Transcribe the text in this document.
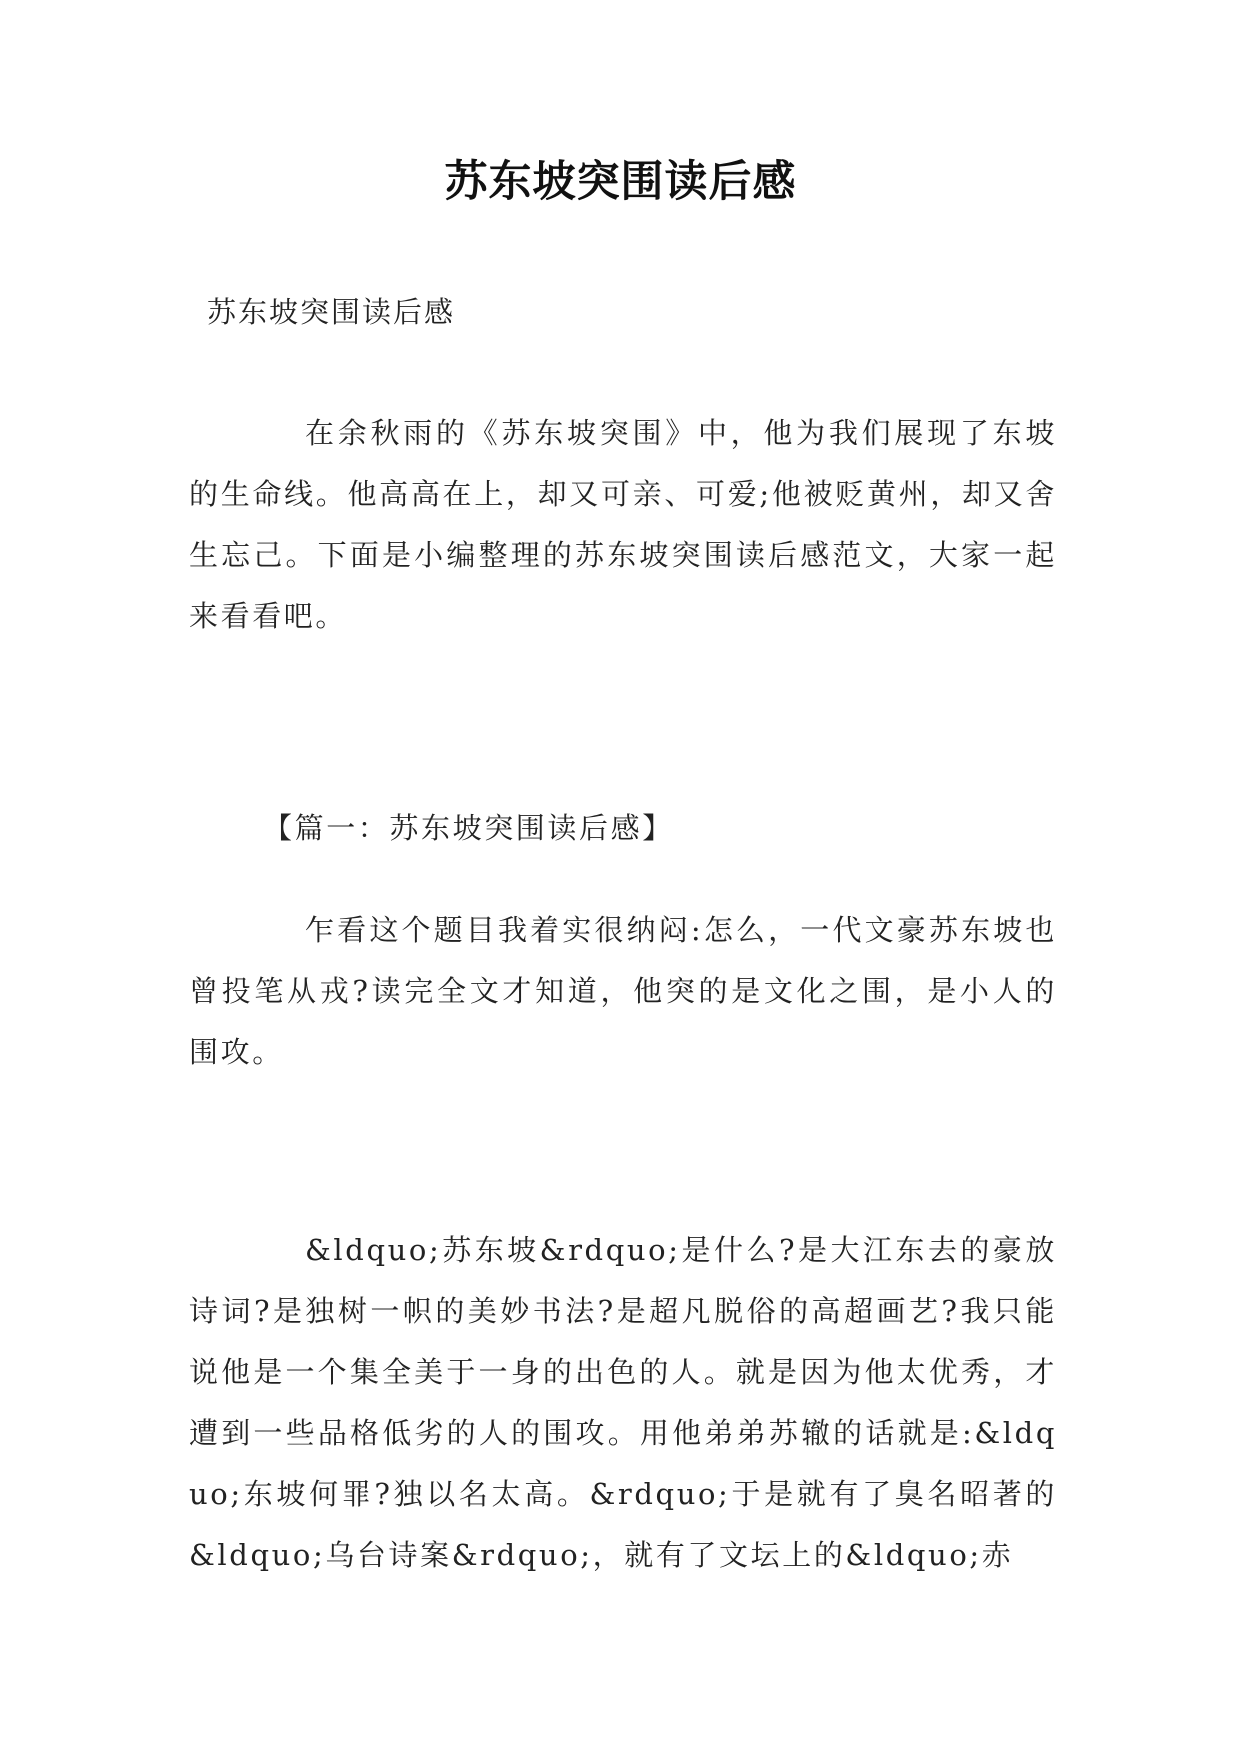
苏东坡突围读后感
苏东坡突围读后感

在余秋雨的《苏东坡突围》中，他为我们展现了东坡的生命线。他高高在上，却又可亲、可爱;他被贬黄州，却又舍生忘己。下面是小编整理的苏东坡突围读后感范文，大家一起来看看吧。

【篇一：苏东坡突围读后感】

乍看这个题目我着实很纳闷:怎么，一代文豪苏东坡也曾投笔从戎?读完全文才知道，他突的是文化之围，是小人的围攻。

&ldquo;苏东坡&rdquo;是什么?是大江东去的豪放诗词?是独树一帜的美妙书法?是超凡脱俗的高超画艺?我只能说他是一个集全美于一身的出色的人。就是因为他太优秀，才遭到一些品格低劣的人的围攻。用他弟弟苏辙的话就是:&ldquo;东坡何罪?独以名太高。&rdquo;于是就有了臭名昭著的&ldquo;乌台诗案&rdquo;，就有了文坛上的&ldquo;赤
